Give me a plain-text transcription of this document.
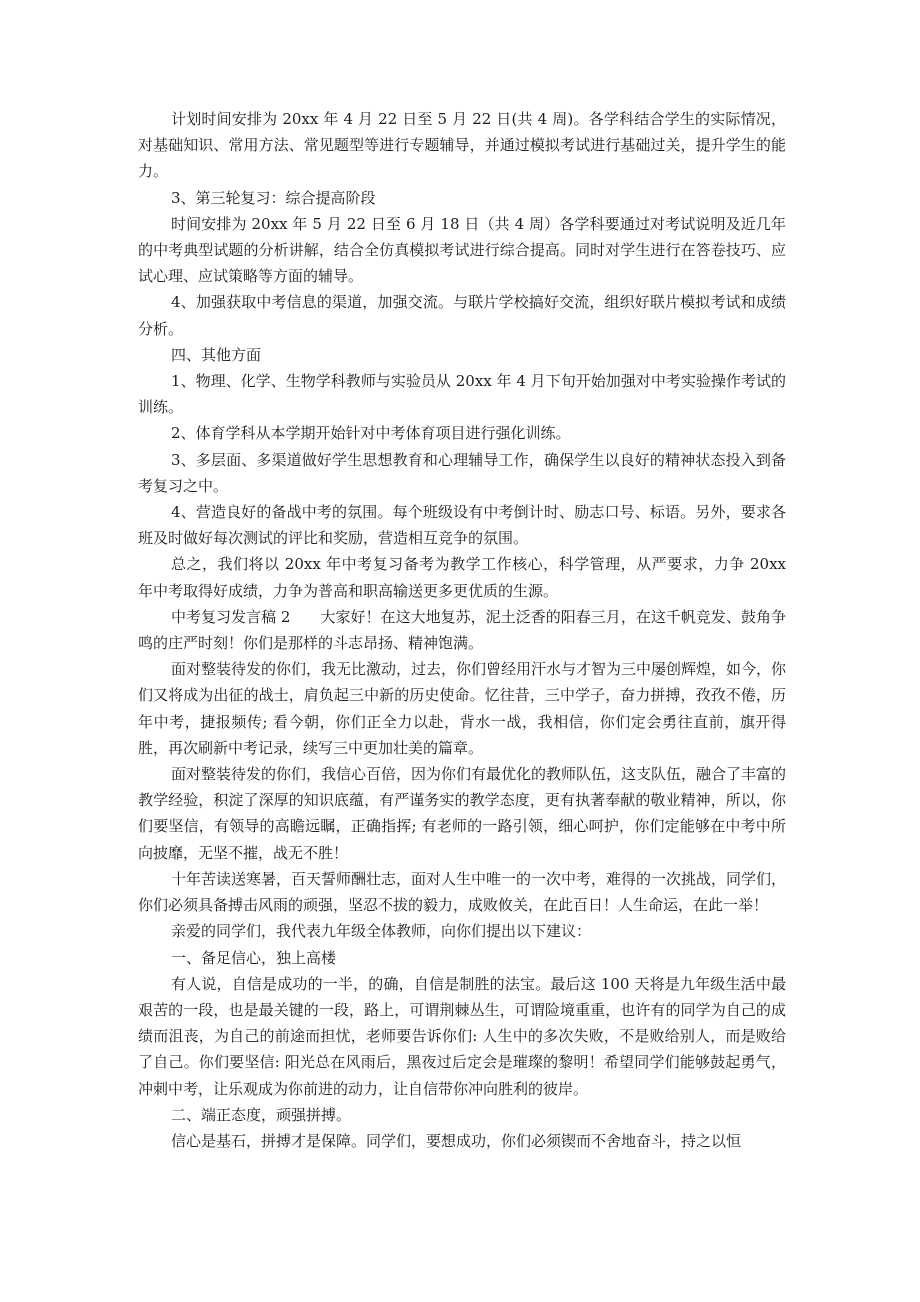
计划时间安排为 20xx 年 4 月 22 日至 5 月 22 日(共 4 周)。各学科结合学生的实际情况，对基础知识、常用方法、常见题型等进行专题辅导，并通过模拟考试进行基础过关，提升学生的能力。

3、第三轮复习：综合提高阶段

时间安排为 20xx 年 5 月 22 日至 6 月 18 日（共 4 周）各学科要通过对考试说明及近几年的中考典型试题的分析讲解，结合全仿真模拟考试进行综合提高。同时对学生进行在答卷技巧、应试心理、应试策略等方面的辅导。

4、加强获取中考信息的渠道，加强交流。与联片学校搞好交流，组织好联片模拟考试和成绩分析。

四、其他方面

1、物理、化学、生物学科教师与实验员从 20xx 年 4 月下旬开始加强对中考实验操作考试的训练。

2、体育学科从本学期开始针对中考体育项目进行强化训练。

3、多层面、多渠道做好学生思想教育和心理辅导工作，确保学生以良好的精神状态投入到备考复习之中。

4、营造良好的备战中考的氛围。每个班级设有中考倒计时、励志口号、标语。另外，要求各班及时做好每次测试的评比和奖励，营造相互竞争的氛围。

总之，我们将以 20xx 年中考复习备考为教学工作核心，科学管理，从严要求，力争 20xx 年中考取得好成绩，力争为普高和职高输送更多更优质的生源。

中考复习发言稿 2　　大家好！在这大地复苏，泥土泛香的阳春三月，在这千帆竞发、鼓角争鸣的庄严时刻！你们是那样的斗志昂扬、精神饱满。

面对整装待发的你们，我无比激动，过去，你们曾经用汗水与才智为三中屡创辉煌，如今，你们又将成为出征的战士，肩负起三中新的历史使命。忆往昔，三中学子，奋力拼搏，孜孜不倦，历年中考，捷报频传; 看今朝，你们正全力以赴，背水一战，我相信，你们定会勇往直前，旗开得胜，再次刷新中考记录，续写三中更加壮美的篇章。

面对整装待发的你们，我信心百倍，因为你们有最优化的教师队伍，这支队伍，融合了丰富的教学经验，积淀了深厚的知识底蕴，有严谨务实的教学态度，更有执著奉献的敬业精神，所以，你们要坚信，有领导的高瞻远瞩，正确指挥; 有老师的一路引领，细心呵护，你们定能够在中考中所向披靡，无坚不摧，战无不胜！

十年苦读送寒暑，百天誓师酬壮志，面对人生中唯一的一次中考，难得的一次挑战，同学们，你们必须具备搏击风雨的顽强，坚忍不拔的毅力，成败攸关，在此百日！人生命运，在此一举！

亲爱的同学们，我代表九年级全体教师，向你们提出以下建议：

一、备足信心，独上高楼

有人说，自信是成功的一半，的确，自信是制胜的法宝。最后这 100 天将是九年级生活中最艰苦的一段，也是最关键的一段，路上，可谓荆棘丛生，可谓险境重重，也许有的同学为自己的成绩而沮丧，为自己的前途而担忧，老师要告诉你们: 人生中的多次失败，不是败给别人，而是败给了自己。你们要坚信: 阳光总在风雨后，黑夜过后定会是璀璨的黎明！希望同学们能够鼓起勇气，冲刺中考，让乐观成为你前进的动力，让自信带你冲向胜利的彼岸。

二、端正态度，顽强拼搏。

信心是基石，拼搏才是保障。同学们，要想成功，你们必须锲而不舍地奋斗，持之以恒
